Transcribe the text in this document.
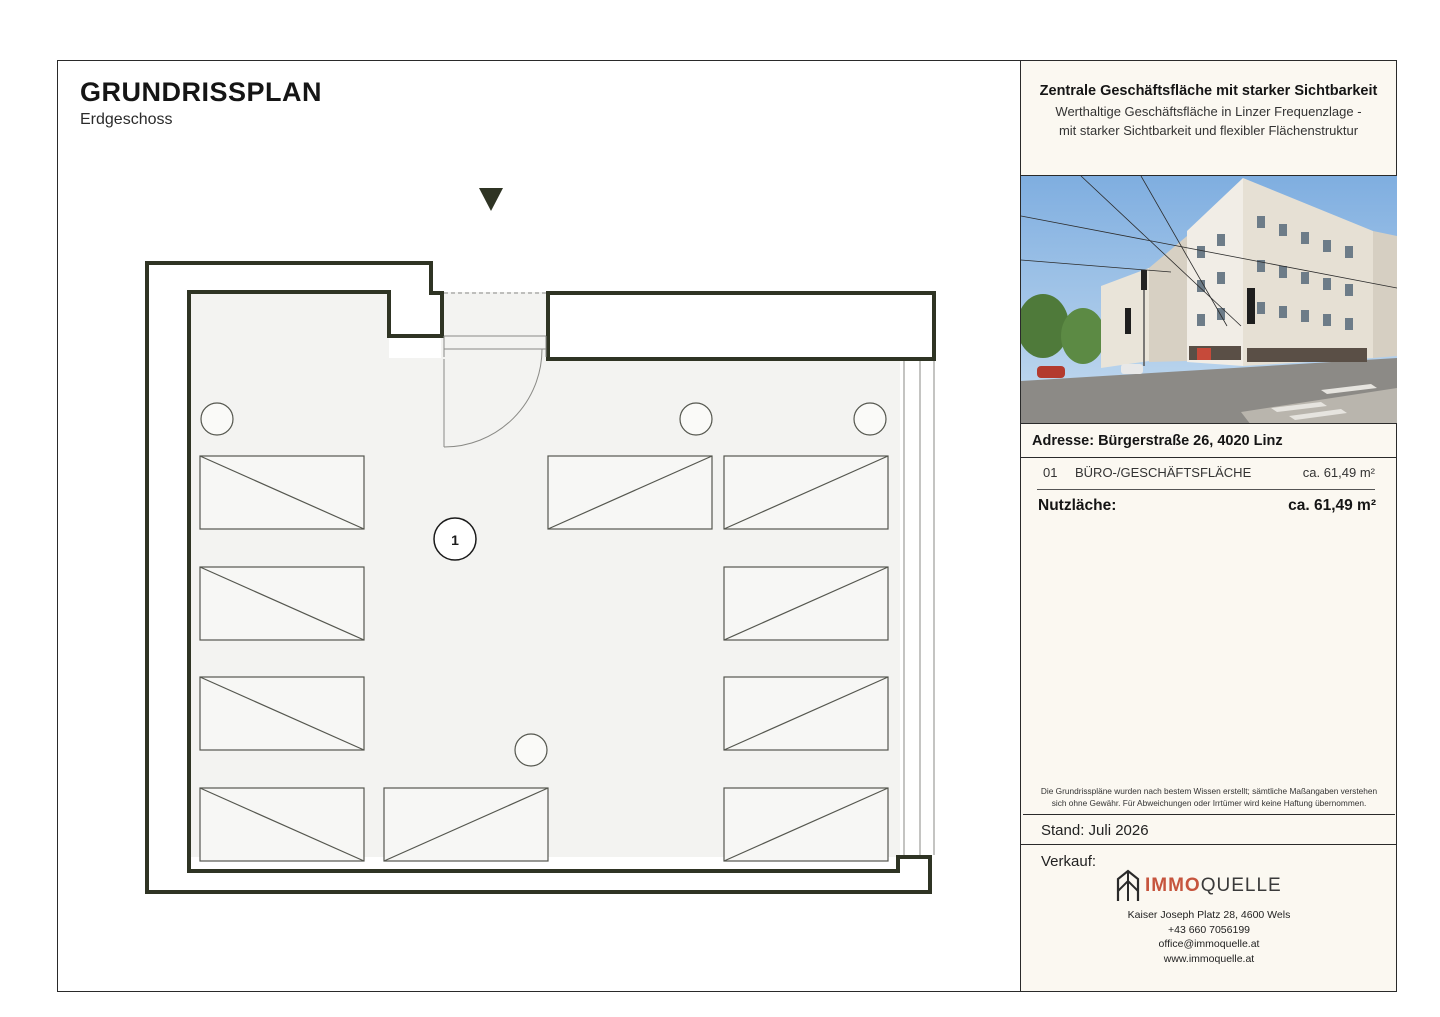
GRUNDRISSPLAN
Erdgeschoss
1
Zentrale Geschäftsfläche mit starker Sichtbarkeit
Werthaltige Geschäftsfläche in Linzer Frequenzlage -
mit starker Sichtbarkeit und flexibler Flächenstruktur
Adresse: Bürgerstraße 26, 4020 Linz
01 BÜRO-/GESCHÄFTSFLÄCHE	ca. 61,49 m²
Nutzläche:	ca. 61,49 m²
Die Grundrisspläne wurden nach bestem Wissen erstellt; sämtliche Maßangaben verstehen
sich ohne Gewähr. Für Abweichungen oder Irrtümer wird keine Haftung übernommen.
Stand: Juli 2026
Verkauf:
IMMOQUELLE
Kaiser Joseph Platz 28, 4600 Wels
+43 660 7056199
office@immoquelle.at
www.immoquelle.at
